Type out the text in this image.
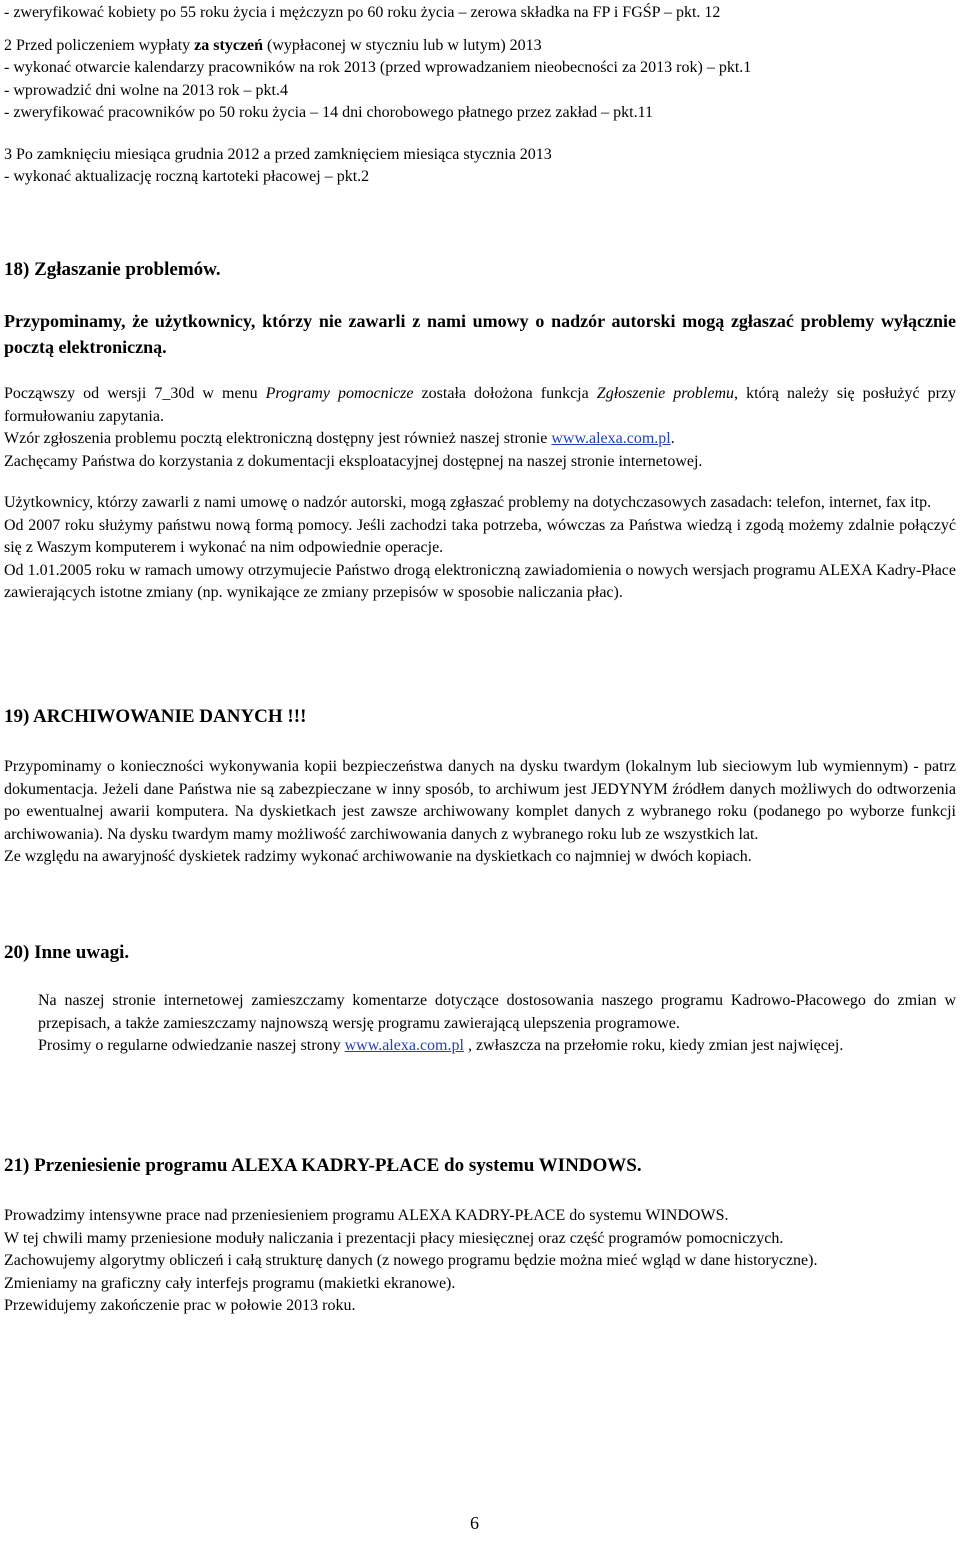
- zweryfikować kobiety po 55 roku życia i mężczyzn po 60 roku życia – zerowa składka na FP i FGŚP – pkt. 12

2 Przed policzeniem wypłaty za styczeń (wypłaconej w styczniu lub w lutym) 2013

- wykonać otwarcie kalendarzy pracowników na rok 2013 (przed wprowadzaniem nieobecności za 2013 rok) – pkt.1

- wprowadzić dni wolne na 2013 rok – pkt.4

- zweryfikować pracowników po 50 roku życia – 14 dni chorobowego płatnego przez zakład – pkt.11

3 Po zamknięciu miesiąca grudnia 2012 a przed zamknięciem miesiąca stycznia 2013

- wykonać aktualizację roczną kartoteki płacowej – pkt.2

18) Zgłaszanie problemów.
Przypominamy, że użytkownicy, którzy nie zawarli z nami umowy o nadzór autorski mogą zgłaszać problemy wyłącznie pocztą elektroniczną.

Począwszy od wersji 7_30d w menu Programy pomocnicze została dołożona funkcja Zgłoszenie problemu, którą należy się posłużyć przy formułowaniu zapytania.

Wzór zgłoszenia problemu pocztą elektroniczną dostępny jest również naszej stronie www.alexa.com.pl.

Zachęcamy Państwa do korzystania z dokumentacji eksploatacyjnej dostępnej na naszej stronie internetowej.

Użytkownicy, którzy zawarli z nami umowę o nadzór autorski, mogą zgłaszać problemy na dotychczasowych zasadach: telefon, internet, fax itp.

Od 2007 roku służymy państwu nową formą pomocy. Jeśli zachodzi taka potrzeba, wówczas za Państwa wiedzą i zgodą możemy zdalnie połączyć się z Waszym komputerem i wykonać na nim odpowiednie operacje.

Od 1.01.2005 roku w ramach umowy otrzymujecie Państwo drogą elektroniczną zawiadomienia o nowych wersjach programu ALEXA Kadry-Płace zawierających istotne zmiany (np. wynikające ze zmiany przepisów w sposobie naliczania płac).

19) ARCHIWOWANIE DANYCH !!!

Przypominamy o konieczności wykonywania kopii bezpieczeństwa danych na dysku twardym (lokalnym lub sieciowym lub wymiennym) - patrz dokumentacja. Jeżeli dane Państwa nie są zabezpieczane w inny sposób, to archiwum jest JEDYNYM źródłem danych możliwych do odtworzenia po ewentualnej awarii komputera. Na dyskietkach jest zawsze archiwowany komplet danych z wybranego roku (podanego po wyborze funkcji archiwowania). Na dysku twardym mamy możliwość zarchiwowania danych z wybranego roku lub ze wszystkich lat.

Ze względu na awaryjność dyskietek radzimy wykonać archiwowanie na dyskietkach co najmniej w dwóch kopiach.

20) Inne uwagi.

Na naszej stronie internetowej zamieszczamy komentarze dotyczące dostosowania naszego programu Kadrowo-Płacowego do zmian w przepisach, a także zamieszczamy najnowszą wersję programu zawierającą ulepszenia programowe.

Prosimy o regularne odwiedzanie naszej strony www.alexa.com.pl , zwłaszcza na przełomie roku, kiedy zmian jest najwięcej.

21) Przeniesienie programu ALEXA KADRY-PŁACE do systemu WINDOWS.

Prowadzimy intensywne prace nad przeniesieniem programu ALEXA KADRY-PŁACE do systemu WINDOWS.

W tej chwili mamy przeniesione moduły naliczania i prezentacji płacy miesięcznej oraz część programów pomocniczych.

Zachowujemy algorytmy obliczeń i całą strukturę danych (z nowego programu będzie można mieć wgląd w dane historyczne).

Zmieniamy na graficzny cały interfejs programu (makietki ekranowe).

Przewidujemy zakończenie prac w połowie 2013 roku.

6
